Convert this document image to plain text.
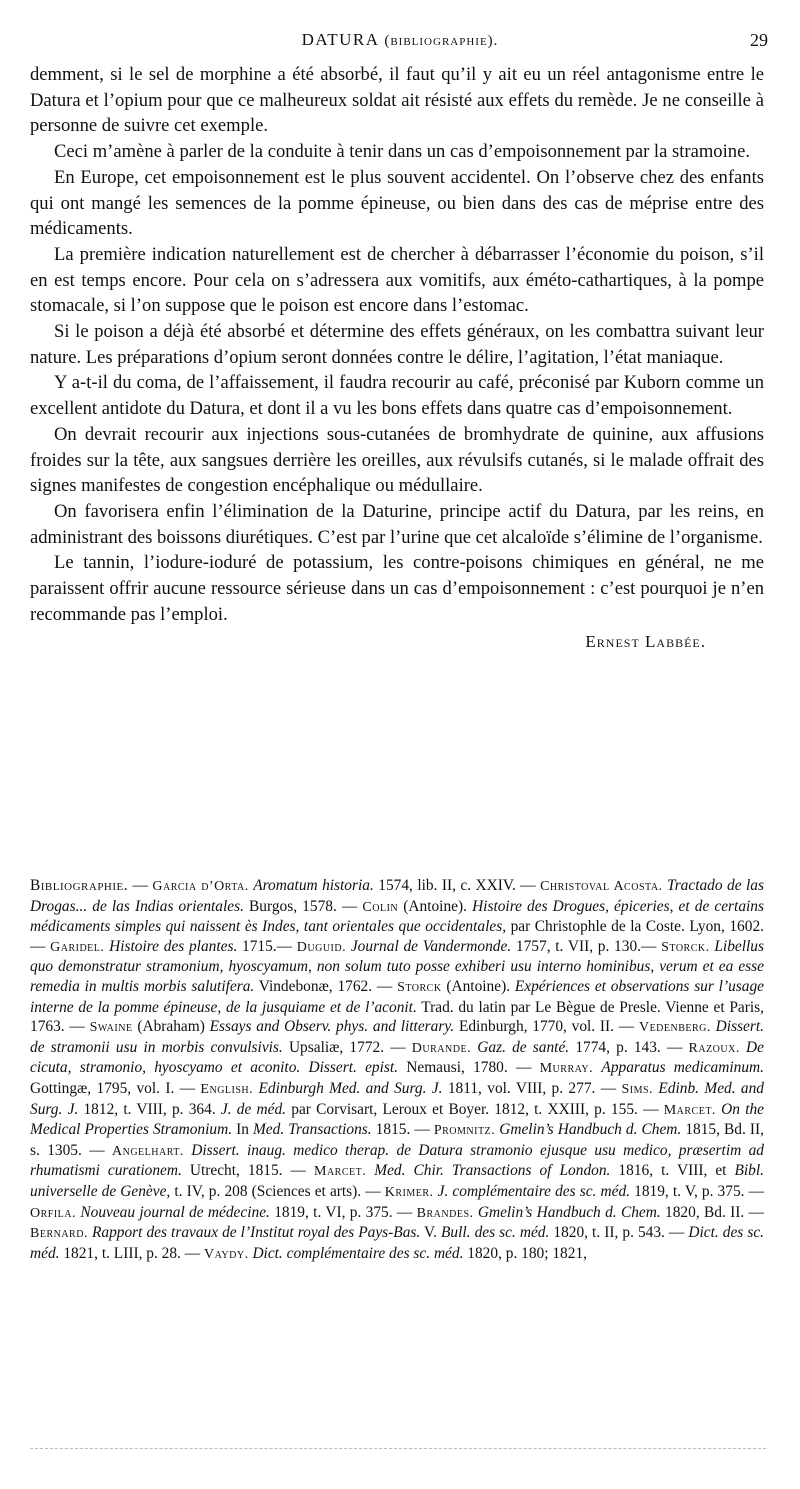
DATURA (bibliographie).	29

demment, si le sel de morphine a été absorbé, il faut qu’il y ait eu un réel antagonisme entre le Datura et l’opium pour que ce malheureux soldat ait résisté aux effets du remède. Je ne conseille à personne de suivre cet exemple.

Ceci m’amène à parler de la conduite à tenir dans un cas d’empoisonnement par la stramoine.

En Europe, cet empoisonnement est le plus souvent accidentel. On l’observe chez des enfants qui ont mangé les semences de la pomme épineuse, ou bien dans des cas de méprise entre des médicaments.

La première indication naturellement est de chercher à débarrasser l’économie du poison, s’il en est temps encore. Pour cela on s’adressera aux vomitifs, aux éméto-cathartiques, à la pompe stomacale, si l’on suppose que le poison est encore dans l’estomac.

Si le poison a déjà été absorbé et détermine des effets généraux, on les combattra suivant leur nature. Les préparations d’opium seront données contre le délire, l’agitation, l’état maniaque.

Y a-t-il du coma, de l’affaissement, il faudra recourir au café, préconisé par Kuborn comme un excellent antidote du Datura, et dont il a vu les bons effets dans quatre cas d’empoisonnement.

On devrait recourir aux injections sous-cutanées de bromhydrate de quinine, aux affusions froides sur la tête, aux sangsues derrière les oreilles, aux révulsifs cutanés, si le malade offrait des signes manifestes de congestion encéphalique ou médullaire.

On favorisera enfin l’élimination de la Daturine, principe actif du Datura, par les reins, en administrant des boissons diurétiques. C’est par l’urine que cet alcaloïde s’élimine de l’organisme.

Le tannin, l’iodure-ioduré de potassium, les contre-poisons chimiques en général, ne me paraissent offrir aucune ressource sérieuse dans un cas d’empoisonnement : c’est pourquoi je n’en recommande pas l’emploi.

Ernest Labbée.

Bibliographie. — Garcia d’Orta. Aromatum historia. 1574, lib. II, c. XXIV. — Christoval Acosta. Tractado de las Drogas... de las Indias orientales. Burgos, 1578. — Colin (Antoine). Histoire des Drogues, épiceries, et de certains médicaments simples qui naissent ès Indes, tant orientales que occidentales, par Christophle de la Coste. Lyon, 1602. — Garidel. Histoire des plantes. 1715.— Duguid. Journal de Vandermonde. 1757, t. VII, p. 130.— Storck. Libellus quo demonstratur stramonium, hyoscyamum, non solum tuto posse exhiberi usu interno hominibus, verum et ea esse remedia in multis morbis salutifera. Vindebonæ, 1762. — Storck (Antoine). Expériences et observations sur l’usage interne de la pomme épineuse, de la jusquiame et de l’aconit. Trad. du latin par Le Bègue de Presle. Vienne et Paris, 1763. — Swaine (Abraham) Essays and Observ. phys. and litterary. Edinburgh, 1770, vol. II. — Vedenberg. Dissert. de stramonii usu in morbis convulsivis. Upsaliæ, 1772. — Durande. Gaz. de santé. 1774, p. 143. — Razoux. De cicuta, stramonio, hyoscyamo et aconito. Dissert. epist. Nemausi, 1780. — Murray. Apparatus medicaminum. Gottingæ, 1795, vol. I. — English. Edinburgh Med. and Surg. J. 1811, vol. VIII, p. 277. — Sims. Edinb. Med. and Surg. J. 1812, t. VIII, p. 364. J. de méd. par Corvisart, Leroux et Boyer. 1812, t. XXIII, p. 155. — Marcet. On the Medical Properties Stramonium. In Med. Transactions. 1815. — Promnitz. Gmelin’s Handbuch d. Chem. 1815, Bd. II, s. 1305. — Angelhart. Dissert. inaug. medico therap. de Datura stramonio ejusque usu medico, præsertim ad rhumatismi curationem. Utrecht, 1815. — Marcet. Med. Chir. Transactions of London. 1816, t. VIII, et Bibl. universelle de Genève, t. IV, p. 208 (Sciences et arts). — Krimer. J. complémentaire des sc. méd. 1819, t. V, p. 375. — Orfila. Nouveau journal de médecine. 1819, t. VI, p. 375. — Brandes. Gmelin’s Handbuch d. Chem. 1820, Bd. II. — Bernard. Rapport des travaux de l’Institut royal des Pays-Bas. V. Bull. des sc. méd. 1820, t. II, p. 543. — Dict. des sc. méd. 1821, t. LIII, p. 28. — Vaydy. Dict. complémentaire des sc. méd. 1820, p. 180; 1821,
